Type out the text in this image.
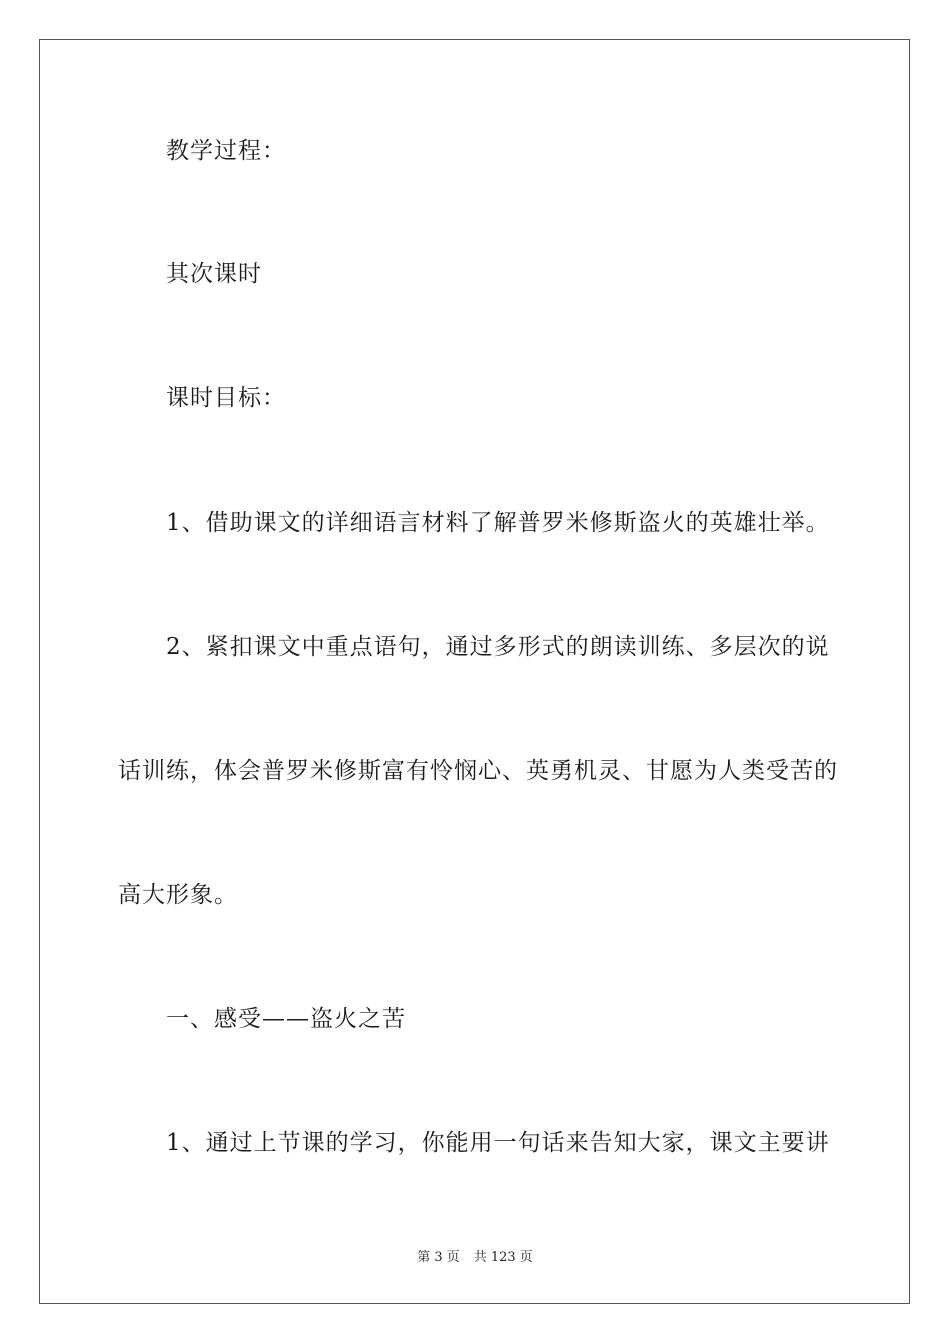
教学过程：
其次课时
课时目标：
1、借助课文的详细语言材料了解普罗米修斯盗火的英雄壮举。
2、紧扣课文中重点语句，通过多形式的朗读训练、多层次的说
话训练，体会普罗米修斯富有怜悯心、英勇机灵、甘愿为人类受苦的
高大形象。
一、感受——盗火之苦
1、通过上节课的学习，你能用一句话来告知大家，课文主要讲
第 3 页 共 123 页
